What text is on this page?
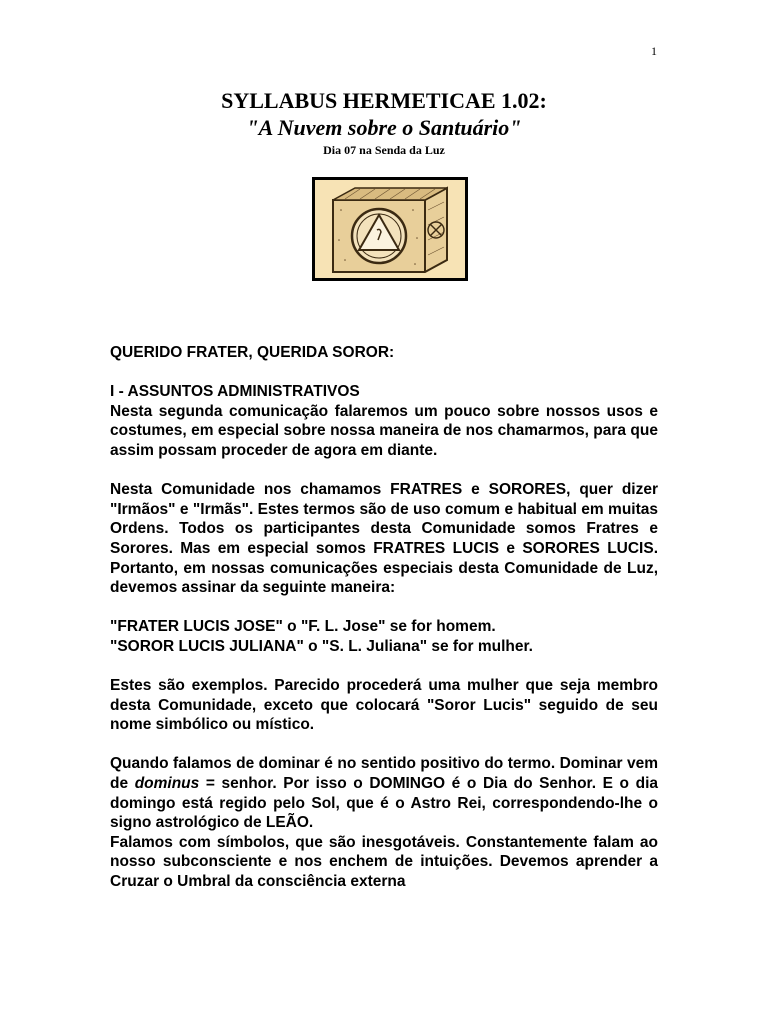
1
SYLLABUS HERMETICAE 1.02:
"A Nuvem sobre o Santuário"
Dia 07 na Senda da Luz

QUERIDO FRATER, QUERIDA SOROR:

I - ASSUNTOS ADMINISTRATIVOS

Nesta segunda comunicação falaremos um pouco sobre nossos usos e costumes, em especial sobre nossa maneira de nos chamarmos, para que assim possam proceder de agora em diante.

Nesta Comunidade nos chamamos FRATRES e SORORES, quer dizer "Irmãos" e "Irmãs". Estes termos são de uso comum e habitual em muitas Ordens. Todos os participantes desta Comunidade somos Fratres e Sorores. Mas em especial somos FRATRES LUCIS e SORORES LUCIS. Portanto, em nossas comunicações especiais desta Comunidade de Luz, devemos assinar da seguinte maneira:

"FRATER LUCIS JOSE" o "F. L. Jose" se for homem.

"SOROR LUCIS JULIANA" o "S. L. Juliana" se for mulher.

Estes são exemplos. Parecido procederá uma mulher que seja membro desta Comunidade, exceto que colocará "Soror Lucis" seguido de seu nome simbólico ou místico.

Quando falamos de dominar é no sentido positivo do termo. Dominar vem de dominus = senhor. Por isso o DOMINGO é o Dia do Senhor. E o dia domingo está regido pelo Sol, que é o Astro Rei, correspondendo-lhe o signo astrológico de LEÃO.

Falamos com símbolos, que são inesgotáveis. Constantemente falam ao nosso subconsciente e nos enchem de intuições. Devemos aprender a Cruzar o Umbral da consciência externa
